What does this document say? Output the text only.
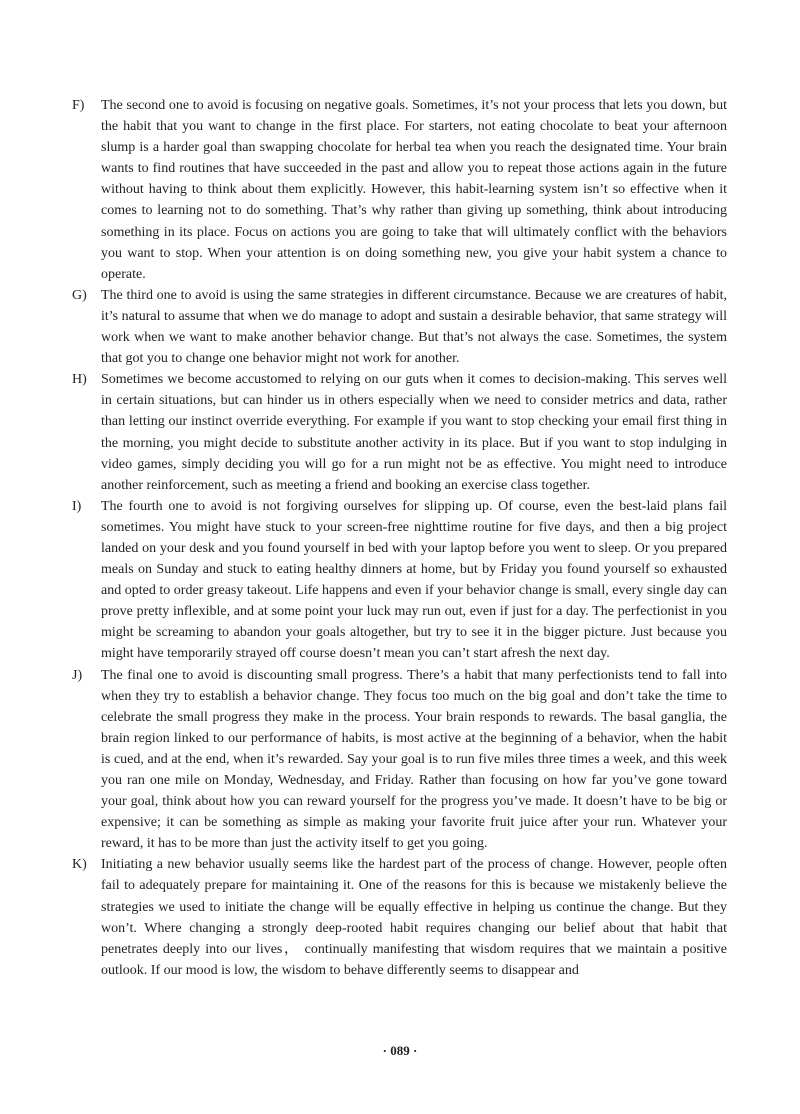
F)	The second one to avoid is focusing on negative goals. Sometimes, it’s not your process that lets you down, but the habit that you want to change in the first place. For starters, not eating chocolate to beat your afternoon slump is a harder goal than swapping chocolate for herbal tea when you reach the designated time. Your brain wants to find routines that have succeeded in the past and allow you to repeat those actions again in the future without having to think about them explicitly. However, this habit-learning system isn’t so effective when it comes to learning not to do something. That’s why rather than giving up something, think about introducing something in its place. Focus on actions you are going to take that will ultimately conflict with the behaviors you want to stop. When your attention is on doing something new, you give your habit system a chance to operate.
G)	The third one to avoid is using the same strategies in different circumstance. Because we are creatures of habit, it’s natural to assume that when we do manage to adopt and sustain a desirable behavior, that same strategy will work when we want to make another behavior change. But that’s not always the case. Sometimes, the system that got you to change one behavior might not work for another.
H)	Sometimes we become accustomed to relying on our guts when it comes to decision-making. This serves well in certain situations, but can hinder us in others especially when we need to consider metrics and data, rather than letting our instinct override everything. For example if you want to stop checking your email first thing in the morning, you might decide to substitute another activity in its place. But if you want to stop indulging in video games, simply deciding you will go for a run might not be as effective. You might need to introduce another reinforcement, such as meeting a friend and booking an exercise class together.
I)	The fourth one to avoid is not forgiving ourselves for slipping up. Of course, even the best-laid plans fail sometimes. You might have stuck to your screen-free nighttime routine for five days, and then a big project landed on your desk and you found yourself in bed with your laptop before you went to sleep. Or you prepared meals on Sunday and stuck to eating healthy dinners at home, but by Friday you found yourself so exhausted and opted to order greasy takeout. Life happens and even if your behavior change is small, every single day can prove pretty inflexible, and at some point your luck may run out, even if just for a day. The perfectionist in you might be screaming to abandon your goals altogether, but try to see it in the bigger picture. Just because you might have temporarily strayed off course doesn’t mean you can’t start afresh the next day.
J)	The final one to avoid is discounting small progress. There’s a habit that many perfectionists tend to fall into when they try to establish a behavior change. They focus too much on the big goal and don’t take the time to celebrate the small progress they make in the process. Your brain responds to rewards. The basal ganglia, the brain region linked to our performance of habits, is most active at the beginning of a behavior, when the habit is cued, and at the end, when it’s rewarded. Say your goal is to run five miles three times a week, and this week you ran one mile on Monday, Wednesday, and Friday. Rather than focusing on how far you’ve gone toward your goal, think about how you can reward yourself for the progress you’ve made. It doesn’t have to be big or expensive; it can be something as simple as making your favorite fruit juice after your run. Whatever your reward, it has to be more than just the activity itself to get you going.
K)	Initiating a new behavior usually seems like the hardest part of the process of change. However, people often fail to adequately prepare for maintaining it. One of the reasons for this is because we mistakenly believe the strategies we used to initiate the change will be equally effective in helping us continue the change. But they won’t. Where changing a strongly deep-rooted habit requires changing our belief about that habit that penetrates deeply into our lives， continually manifesting that wisdom requires that we maintain a positive outlook. If our mood is low, the wisdom to behave differently seems to disappear and
· 089 ·
